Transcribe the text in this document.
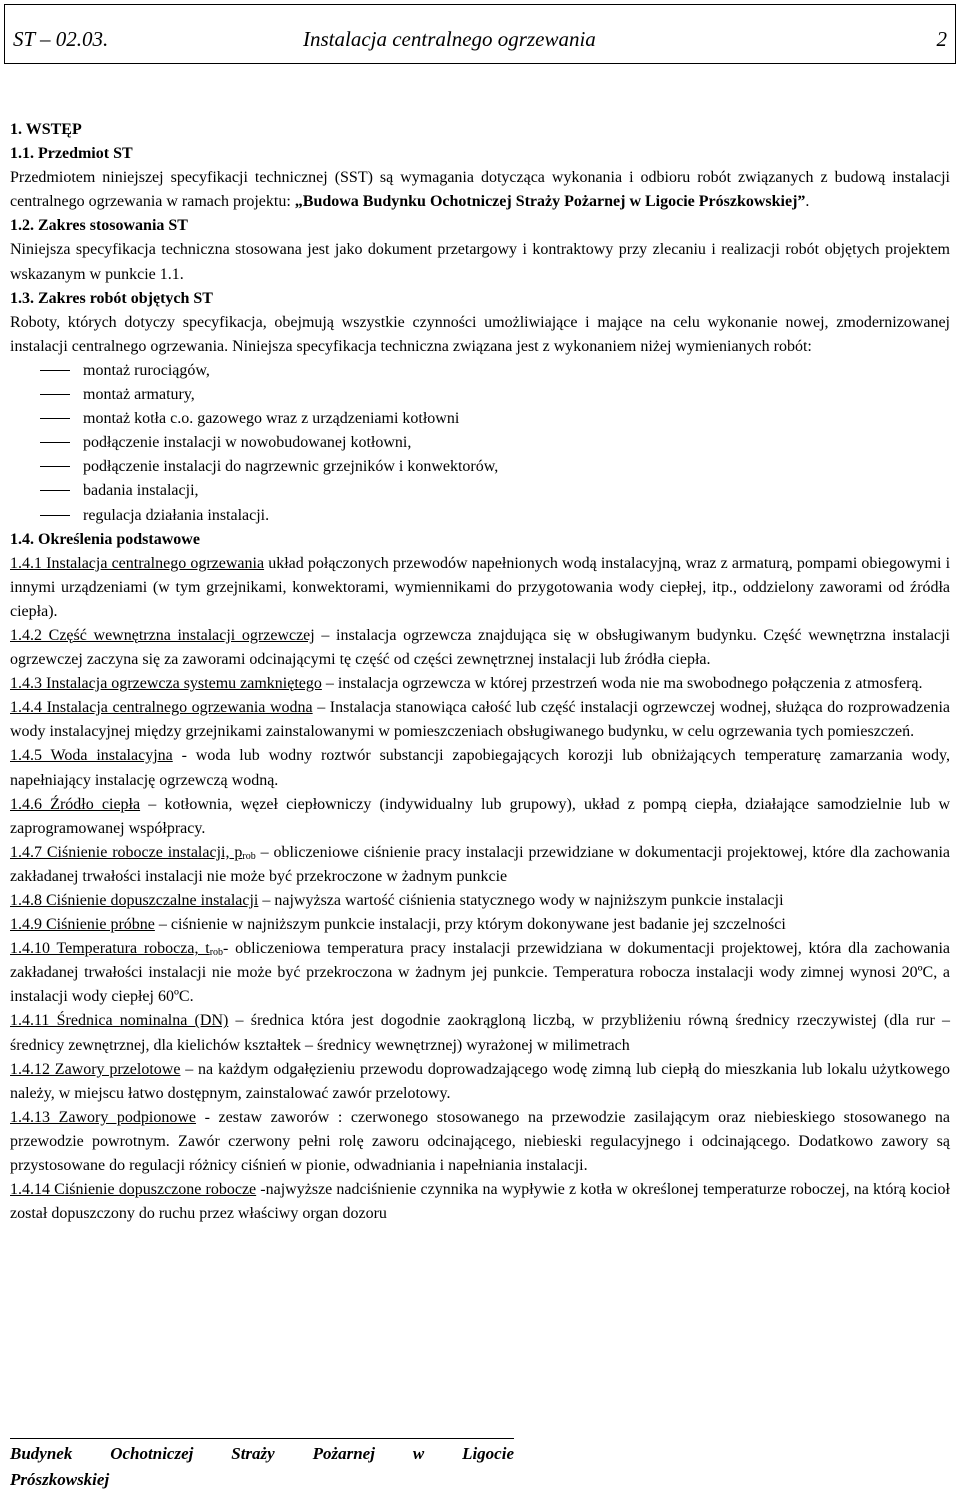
ST – 02.03.	Instalacja centralnego ogrzewania	2

1. WSTĘP

1.1. Przedmiot ST

Przedmiotem niniejszej specyfikacji technicznej (SST) są wymagania dotycząca wykonania i odbioru robót związanych z budową instalacji centralnego ogrzewania w ramach projektu: „Budowa Budynku Ochotniczej Straży Pożarnej w Ligocie Prószkowskiej”.

1.2. Zakres stosowania ST

Niniejsza specyfikacja techniczna stosowana jest jako dokument przetargowy i kontraktowy przy zlecaniu i realizacji robót objętych projektem wskazanym w punkcie 1.1.

1.3. Zakres robót objętych ST

Roboty, których dotyczy specyfikacja, obejmują wszystkie czynności umożliwiające i mające na celu wykonanie nowej, zmodernizowanej instalacji centralnego ogrzewania. Niniejsza specyfikacja techniczna związana jest z wykonaniem niżej wymienianych robót:

montaż rurociągów,
montaż armatury,
montaż kotła c.o. gazowego wraz z urządzeniami kotłowni
podłączenie instalacji w nowobudowanej kotłowni,
podłączenie instalacji do nagrzewnic grzejników i konwektorów,
badania instalacji,
regulacja działania instalacji.

1.4. Określenia podstawowe

1.4.1 Instalacja centralnego ogrzewania układ połączonych przewodów napełnionych wodą instalacyjną, wraz z armaturą, pompami obiegowymi i innymi urządzeniami (w tym grzejnikami, konwektorami, wymiennikami do przygotowania wody ciepłej, itp., oddzielony zaworami od źródła ciepła).

1.4.2 Część wewnętrzna instalacji ogrzewczej – instalacja ogrzewcza znajdująca się w obsługiwanym budynku. Część wewnętrzna instalacji ogrzewczej zaczyna się za zaworami odcinającymi tę część od części zewnętrznej instalacji lub źródła ciepła.

1.4.3 Instalacja ogrzewcza systemu zamkniętego – instalacja ogrzewcza w której przestrzeń woda nie ma swobodnego połączenia z atmosferą.

1.4.4 Instalacja centralnego ogrzewania wodna – Instalacja stanowiąca całość lub część instalacji ogrzewczej wodnej, służąca do rozprowadzenia wody instalacyjnej między grzejnikami zainstalowanymi w pomieszczeniach obsługiwanego budynku, w celu ogrzewania tych pomieszczeń.

1.4.5 Woda instalacyjna - woda lub wodny roztwór substancji zapobiegających korozji lub obniżających temperaturę zamarzania wody, napełniający instalację ogrzewczą wodną.

1.4.6 Źródło ciepła – kotłownia, węzeł ciepłowniczy (indywidualny lub grupowy), układ z pompą ciepła, działające samodzielnie lub w zaprogramowanej współpracy.

1.4.7 Ciśnienie robocze instalacji, $p_{rob}$ – obliczeniowe ciśnienie pracy instalacji przewidziane w dokumentacji projektowej, które dla zachowania zakładanej trwałości instalacji nie może być przekroczone w żadnym punkcie

1.4.8 Ciśnienie dopuszczalne instalacji – najwyższa wartość ciśnienia statycznego wody w najniższym punkcie instalacji

1.4.9 Ciśnienie próbne – ciśnienie w najniższym punkcie instalacji, przy którym dokonywane jest badanie jej szczelności

1.4.10 Temperatura robocza, $t_{rob}-$ obliczeniowa temperatura pracy instalacji przewidziana w dokumentacji projektowej, która dla zachowania zakładanej trwałości instalacji nie może być przekroczona w żadnym jej punkcie. Temperatura robocza instalacji wody zimnej wynosi 20ºC, a instalacji wody ciepłej 60ºC.

1.4.11 Średnica nominalna (DN) – średnica która jest dogodnie zaokrągloną liczbą, w przybliżeniu równą średnicy rzeczywistej (dla rur – średnicy zewnętrznej, dla kielichów kształtek – średnicy wewnętrznej) wyrażonej w milimetrach

1.4.12 Zawory przelotowe – na każdym odgałęzieniu przewodu doprowadzającego wodę zimną lub ciepłą do mieszkania lub lokalu użytkowego należy, w miejscu łatwo dostępnym, zainstalować zawór przelotowy.

1.4.13 Zawory podpionowe - zestaw zaworów : czerwonego stosowanego na przewodzie zasilającym oraz niebieskiego stosowanego na przewodzie powrotnym. Zawór czerwony pełni rolę zaworu odcinającego, niebieski regulacyjnego i odcinającego. Dodatkowo zawory są przystosowane do regulacji różnicy ciśnień w pionie, odwadniania i napełniania instalacji.

1.4.14 Ciśnienie dopuszczone robocze -najwyższe nadciśnienie czynnika na wypływie z kotła w określonej temperaturze roboczej, na którą kocioł został dopuszczony do ruchu przez właściwy organ dozoru

Budynek Ochotniczej Straży Pożarnej w Ligocie
Prószkowskiej
